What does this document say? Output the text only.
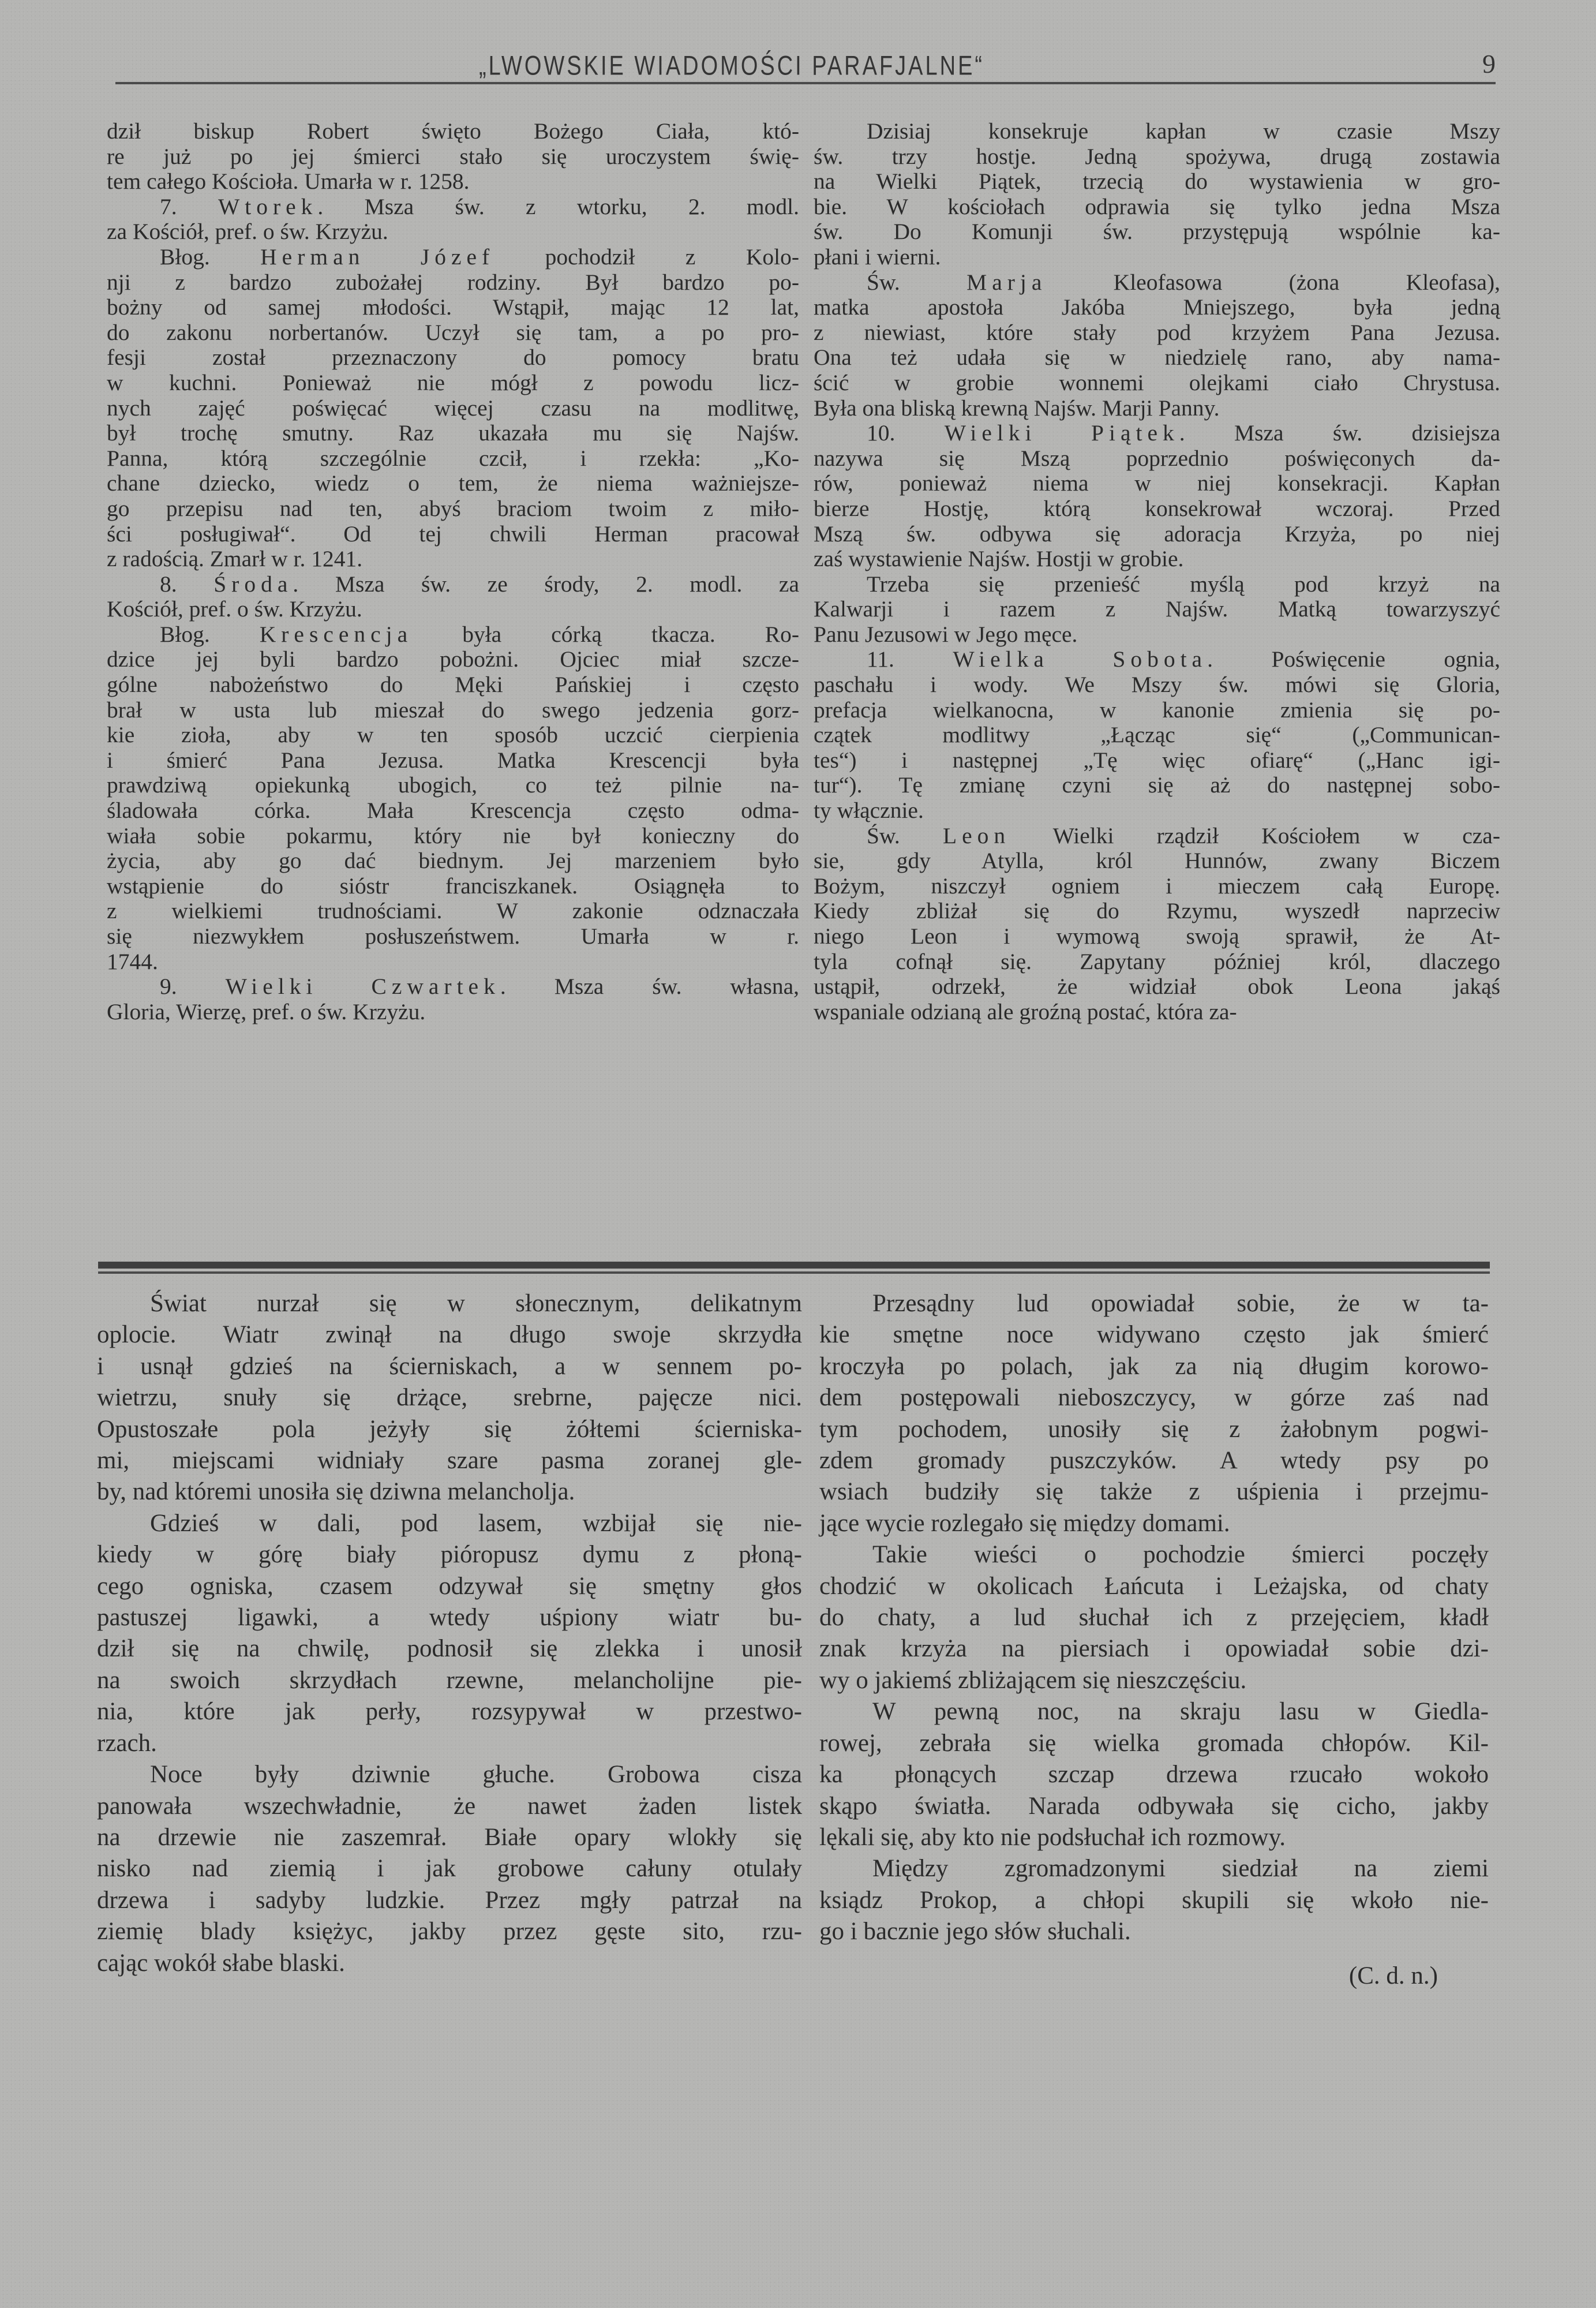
„LWOWSKIE WIADOMOŚCI PARAFJALNE“	9

dził biskup Robert święto Bożego Ciała, któ-
re już po jej śmierci stało się uroczystem świę-
tem całego Kościoła. Umarła w r. 1258.

7. Wtorek. Msza św. z wtorku, 2. modl.
za Kościół, pref. o św. Krzyżu.

Błog. Herman Józef pochodził z Kolo-
nji z bardzo zubożałej rodziny. Był bardzo po-
bożny od samej młodości. Wstąpił, mając 12 lat,
do zakonu norbertanów. Uczył się tam, a po pro-
fesji został przeznaczony do pomocy bratu
w kuchni. Ponieważ nie mógł z powodu licz-
nych zajęć poświęcać więcej czasu na modlitwę,
był trochę smutny. Raz ukazała mu się Najśw.
Panna, którą szczególnie czcił, i rzekła: „Ko-
chane dziecko, wiedz o tem, że niema ważniejsze-
go przepisu nad ten, abyś braciom twoim z miło-
ści posługiwał“. Od tej chwili Herman pracował
z radością. Zmarł w r. 1241.

8. Środa. Msza św. ze środy, 2. modl. za
Kościół, pref. o św. Krzyżu.

Błog. Krescencja była córką tkacza. Ro-
dzice jej byli bardzo pobożni. Ojciec miał szcze-
gólne nabożeństwo do Męki Pańskiej i często
brał w usta lub mieszał do swego jedzenia gorz-
kie zioła, aby w ten sposób uczcić cierpienia
i śmierć Pana Jezusa. Matka Krescencji była
prawdziwą opiekunką ubogich, co też pilnie na-
śladowała córka. Mała Krescencja często odma-
wiała sobie pokarmu, który nie był konieczny do
życia, aby go dać biednym. Jej marzeniem było
wstąpienie do sióstr franciszkanek. Osiągnęła to
z wielkiemi trudnościami. W zakonie odznaczała
się niezwykłem posłuszeństwem. Umarła w r.
1744.

9. Wielki Czwartek. Msza św. własna,
Gloria, Wierzę, pref. o św. Krzyżu.

Dzisiaj konsekruje kapłan w czasie Mszy
św. trzy hostje. Jedną spożywa, drugą zostawia
na Wielki Piątek, trzecią do wystawienia w gro-
bie. W kościołach odprawia się tylko jedna Msza
św. Do Komunji św. przystępują wspólnie ka-
płani i wierni.

Św. Marja Kleofasowa (żona Kleofasa),
matka apostoła Jakóba Mniejszego, była jedną
z niewiast, które stały pod krzyżem Pana Jezusa.
Ona też udała się w niedzielę rano, aby nama-
ścić w grobie wonnemi olejkami ciało Chrystusa.
Była ona bliską krewną Najśw. Marji Panny.

10. Wielki Piątek. Msza św. dzisiejsza
nazywa się Mszą poprzednio poświęconych da-
rów, ponieważ niema w niej konsekracji. Kapłan
bierze Hostję, którą konsekrował wczoraj. Przed
Mszą św. odbywa się adoracja Krzyża, po niej
zaś wystawienie Najśw. Hostji w grobie.

Trzeba się przenieść myślą pod krzyż na
Kalwarji i razem z Najśw. Matką towarzyszyć
Panu Jezusowi w Jego męce.

11. Wielka Sobota. Poświęcenie ognia,
paschału i wody. We Mszy św. mówi się Gloria,
prefacja wielkanocna, w kanonie zmienia się po-
czątek modlitwy „Łącząc się“ („Communican-
tes“) i następnej „Tę więc ofiarę“ („Hanc igi-
tur“). Tę zmianę czyni się aż do następnej sobo-
ty włącznie.

Św. Leon Wielki rządził Kościołem w cza-
sie, gdy Atylla, król Hunnów, zwany Biczem
Bożym, niszczył ogniem i mieczem całą Europę.
Kiedy zbliżał się do Rzymu, wyszedł naprzeciw
niego Leon i wymową swoją sprawił, że At-
tyla cofnął się. Zapytany później król, dlaczego
ustąpił, odrzekł, że widział obok Leona jakąś
wspaniale odzianą ale groźną postać, która za-

Świat nurzał się w słonecznym, delikatnym
oplocie. Wiatr zwinął na długo swoje skrzydła
i usnął gdzieś na ścierniskach, a w sennem po-
wietrzu, snuły się drżące, srebrne, pajęcze nici.
Opustoszałe pola jeżyły się żółtemi ścierniska-
mi, miejscami widniały szare pasma zoranej gle-
by, nad któremi unosiła się dziwna melancholja.

Gdzieś w dali, pod lasem, wzbijał się nie-
kiedy w górę biały pióropusz dymu z płoną-
cego ogniska, czasem odzywał się smętny głos
pastuszej ligawki, a wtedy uśpiony wiatr bu-
dził się na chwilę, podnosił się zlekka i unosił
na swoich skrzydłach rzewne, melancholijne pie-
nia, które jak perły, rozsypywał w przestwo-
rzach.

Noce były dziwnie głuche. Grobowa cisza
panowała wszechwładnie, że nawet żaden listek
na drzewie nie zaszemrał. Białe opary wlokły się
nisko nad ziemią i jak grobowe całuny otulały
drzewa i sadyby ludzkie. Przez mgły patrzał na
ziemię blady księżyc, jakby przez gęste sito, rzu-
cając wokół słabe blaski.

Przesądny lud opowiadał sobie, że w ta-
kie smętne noce widywano często jak śmierć
kroczyła po polach, jak za nią długim korowo-
dem postępowali nieboszczycy, w górze zaś nad
tym pochodem, unosiły się z żałobnym pogwi-
zdem gromady puszczyków. A wtedy psy po
wsiach budziły się także z uśpienia i przejmu-
jące wycie rozlegało się między domami.

Takie wieści o pochodzie śmierci poczęły
chodzić w okolicach Łańcuta i Leżajska, od chaty
do chaty, a lud słuchał ich z przejęciem, kładł
znak krzyża na piersiach i opowiadał sobie dzi-
wy o jakiemś zbliżającem się nieszczęściu.

W pewną noc, na skraju lasu w Giedla-
rowej, zebrała się wielka gromada chłopów. Kil-
ka płonących szczap drzewa rzucało wokoło
skąpo światła. Narada odbywała się cicho, jakby
lękali się, aby kto nie podsłuchał ich rozmowy.

Między zgromadzonymi siedział na ziemi
ksiądz Prokop, a chłopi skupili się wkoło nie-
go i bacznie jego słów słuchali.

(C. d. n.)
